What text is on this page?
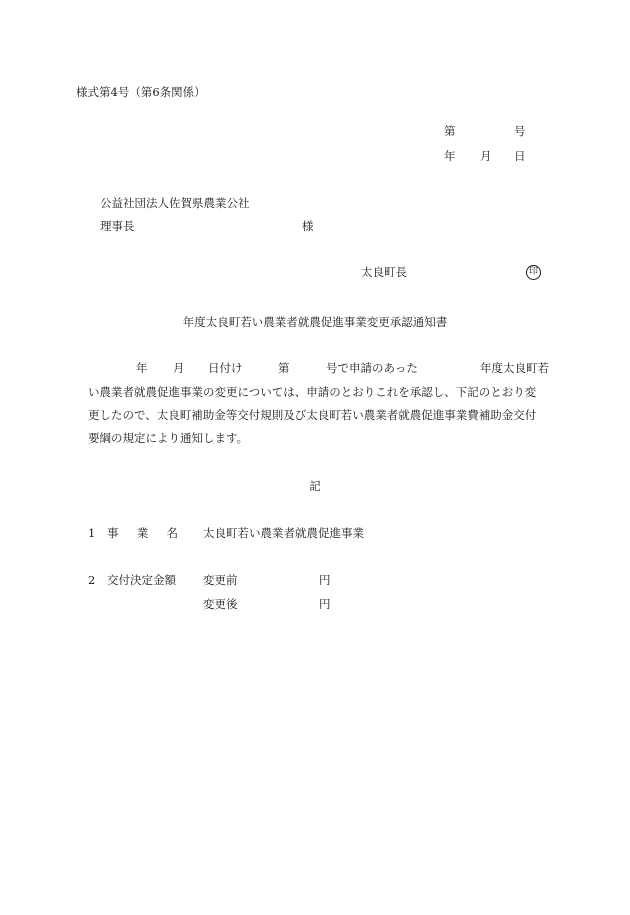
様式第4号（第6条関係）
第	号
年 月 日
公益社団法人佐賀県農業公社
理事長	様
太良町長	印
年度太良町若い農業者就農促進事業変更承認通知書
年 月 日付け	第	号で申請のあった	年度太良町若
い農業者就農促進事業の変更については、申請のとおりこれを承認し、下記のとおり変
更したので、太良町補助金等交付規則及び太良町若い農業者就農促進事業費補助金交付
要綱の規定により通知します。
記
1 事 業 名 太良町若い農業者就農促進事業
2 交付決定金額 変更前	円
変更後	円
